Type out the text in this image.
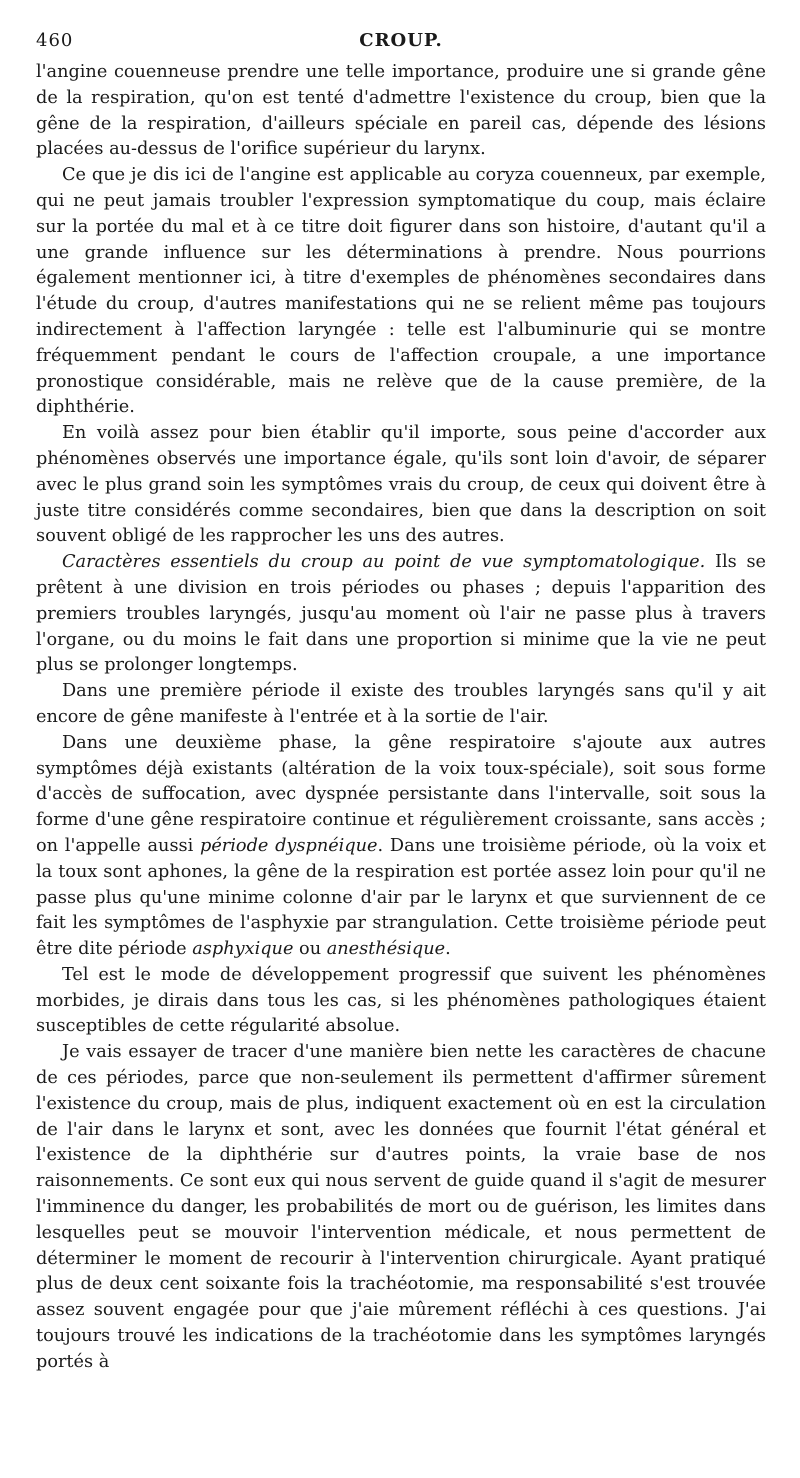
460	CROUP.

l'angine couenneuse prendre une telle importance, produire une si grande gêne de la respiration, qu'on est tenté d'admettre l'existence du croup, bien que la gêne de la respiration, d'ailleurs spéciale en pareil cas, dépende des lésions placées au-dessus de l'orifice supérieur du larynx.

Ce que je dis ici de l'angine est applicable au coryza couenneux, par exemple, qui ne peut jamais troubler l'expression symptomatique du coup, mais éclaire sur la portée du mal et à ce titre doit figurer dans son histoire, d'autant qu'il a une grande influence sur les déterminations à prendre. Nous pourrions également mentionner ici, à titre d'exemples de phénomènes secondaires dans l'étude du croup, d'autres manifestations qui ne se relient même pas toujours indirectement à l'affection laryngée : telle est l'albuminurie qui se montre fréquemment pendant le cours de l'affection croupale, a une importance pronostique considérable, mais ne relève que de la cause première, de la diphthérie.

En voilà assez pour bien établir qu'il importe, sous peine d'accorder aux phénomènes observés une importance égale, qu'ils sont loin d'avoir, de séparer avec le plus grand soin les symptômes vrais du croup, de ceux qui doivent être à juste titre considérés comme secondaires, bien que dans la description on soit souvent obligé de les rapprocher les uns des autres.

Caractères essentiels du croup au point de vue symptomatologique. Ils se prêtent à une division en trois périodes ou phases ; depuis l'apparition des premiers troubles laryngés, jusqu'au moment où l'air ne passe plus à travers l'organe, ou du moins le fait dans une proportion si minime que la vie ne peut plus se prolonger longtemps.

Dans une première période il existe des troubles laryngés sans qu'il y ait encore de gêne manifeste à l'entrée et à la sortie de l'air.

Dans une deuxième phase, la gêne respiratoire s'ajoute aux autres symptômes déjà existants (altération de la voix toux-spéciale), soit sous forme d'accès de suffocation, avec dyspnée persistante dans l'intervalle, soit sous la forme d'une gêne respiratoire continue et régulièrement croissante, sans accès ; on l'appelle aussi période dyspnéique. Dans une troisième période, où la voix et la toux sont aphones, la gêne de la respiration est portée assez loin pour qu'il ne passe plus qu'une minime colonne d'air par le larynx et que surviennent de ce fait les symptômes de l'asphyxie par strangulation. Cette troisième période peut être dite période asphyxique ou anesthésique.

Tel est le mode de développement progressif que suivent les phénomènes morbides, je dirais dans tous les cas, si les phénomènes pathologiques étaient susceptibles de cette régularité absolue.

Je vais essayer de tracer d'une manière bien nette les caractères de chacune de ces périodes, parce que non-seulement ils permettent d'affirmer sûrement l'existence du croup, mais de plus, indiquent exactement où en est la circulation de l'air dans le larynx et sont, avec les données que fournit l'état général et l'existence de la diphthérie sur d'autres points, la vraie base de nos raisonnements. Ce sont eux qui nous servent de guide quand il s'agit de mesurer l'imminence du danger, les probabilités de mort ou de guérison, les limites dans lesquelles peut se mouvoir l'intervention médicale, et nous permettent de déterminer le moment de recourir à l'intervention chirurgicale. Ayant pratiqué plus de deux cent soixante fois la trachéotomie, ma responsabilité s'est trouvée assez souvent engagée pour que j'aie mûrement réfléchi à ces questions. J'ai toujours trouvé les indications de la trachéotomie dans les symptômes laryngés portés à
